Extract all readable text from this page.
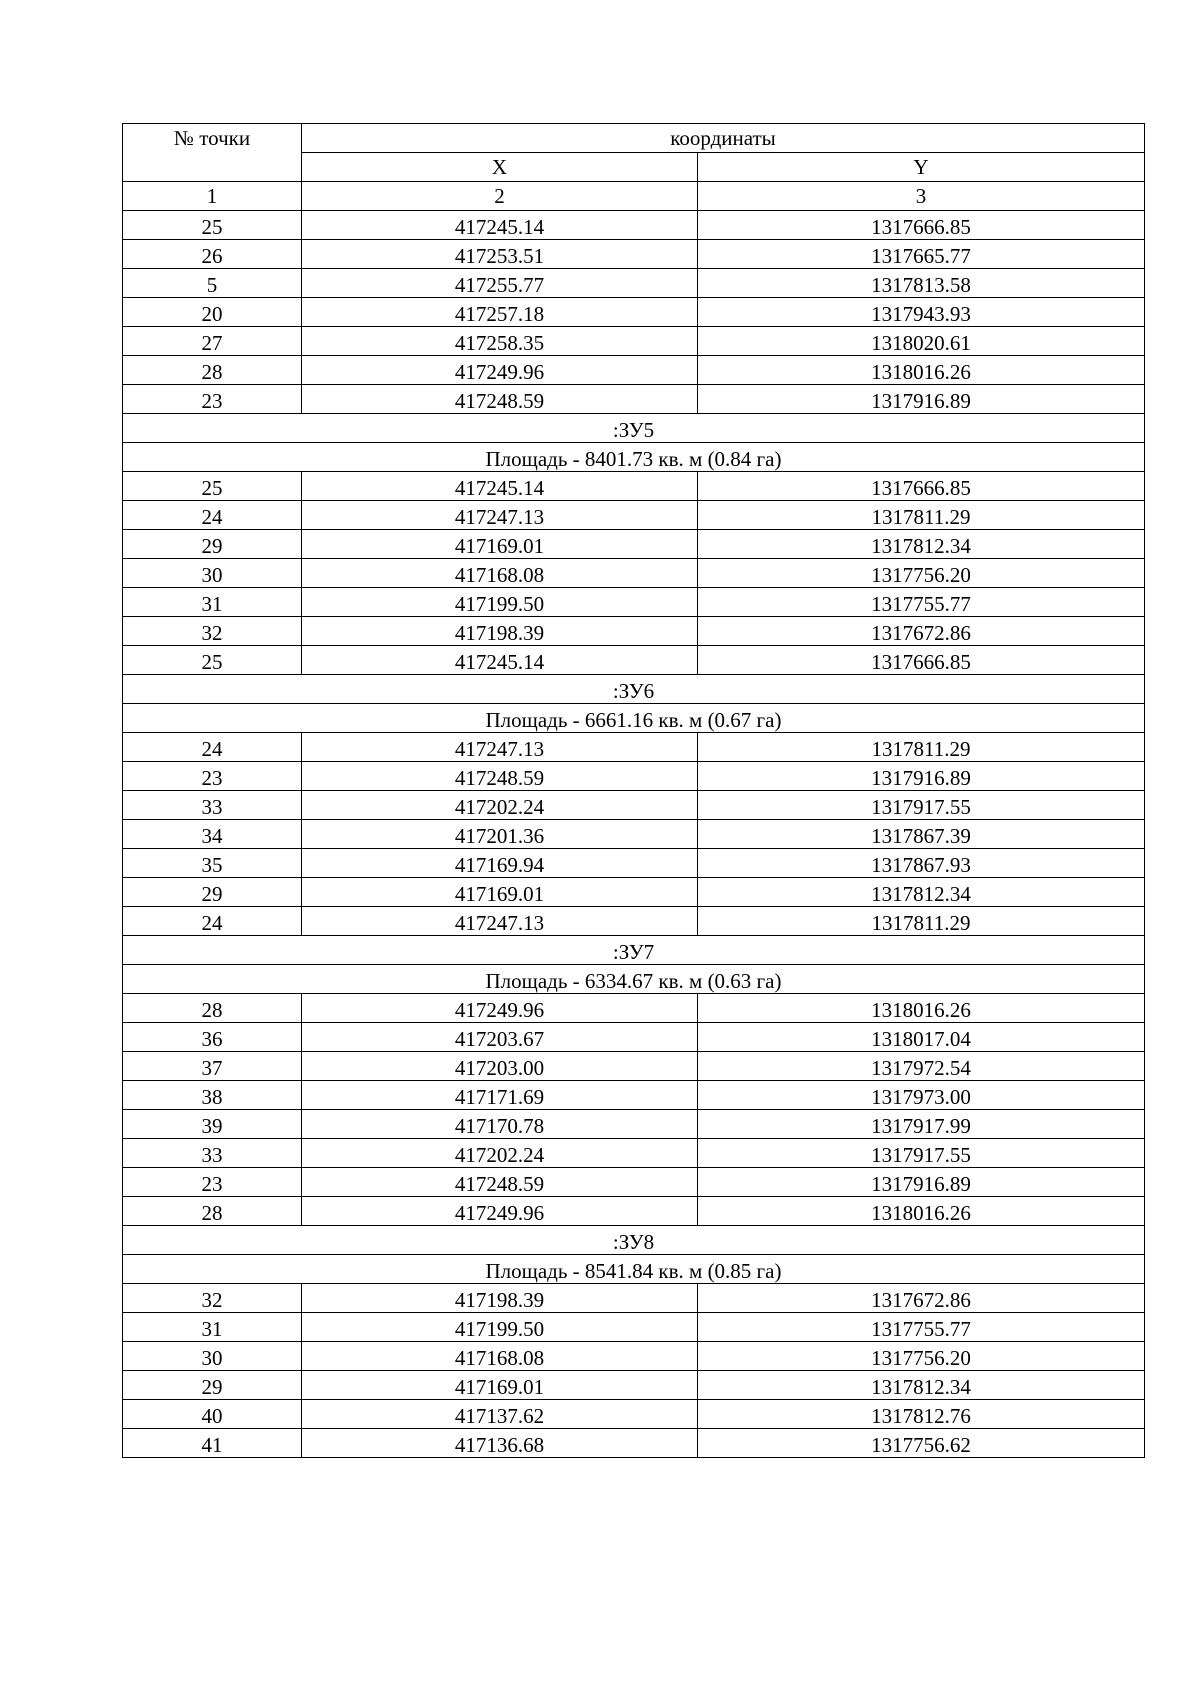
№ точки	координаты	
	X	Y
1	2	3
25	417245.14	1317666.85
26	417253.51	1317665.77
5	417255.77	1317813.58
20	417257.18	1317943.93
27	417258.35	1318020.61
28	417249.96	1318016.26
23	417248.59	1317916.89
:ЗУ5		
Площадь - 8401.73 кв. м (0.84 га)		
25	417245.14	1317666.85
24	417247.13	1317811.29
29	417169.01	1317812.34
30	417168.08	1317756.20
31	417199.50	1317755.77
32	417198.39	1317672.86
25	417245.14	1317666.85
:ЗУ6		
Площадь - 6661.16 кв. м (0.67 га)		
24	417247.13	1317811.29
23	417248.59	1317916.89
33	417202.24	1317917.55
34	417201.36	1317867.39
35	417169.94	1317867.93
29	417169.01	1317812.34
24	417247.13	1317811.29
:ЗУ7		
Площадь - 6334.67 кв. м (0.63 га)		
28	417249.96	1318016.26
36	417203.67	1318017.04
37	417203.00	1317972.54
38	417171.69	1317973.00
39	417170.78	1317917.99
33	417202.24	1317917.55
23	417248.59	1317916.89
28	417249.96	1318016.26
:ЗУ8		
Площадь - 8541.84 кв. м (0.85 га)		
32	417198.39	1317672.86
31	417199.50	1317755.77
30	417168.08	1317756.20
29	417169.01	1317812.34
40	417137.62	1317812.76
41	417136.68	1317756.62
